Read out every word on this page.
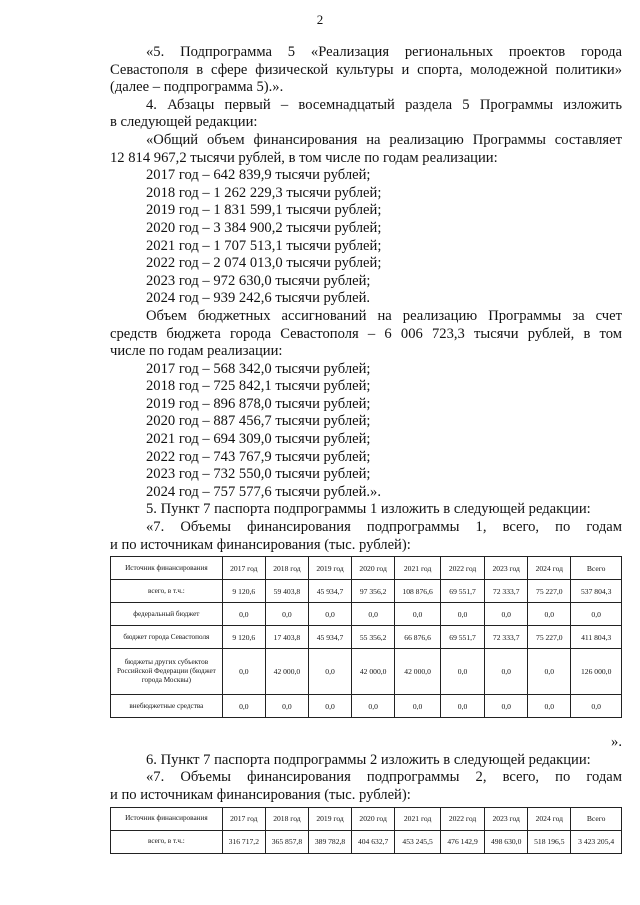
2

«5. Подпрограмма 5 «Реализация региональных проектов города

Севастополя в сфере физической культуры и спорта, молодежной политики»

(далее – подпрограмма 5).».

4. Абзацы первый – восемнадцатый раздела 5 Программы изложить

в следующей редакции:

«Общий объем финансирования на реализацию Программы составляет

12 814 967,2 тысячи рублей, в том числе по годам реализации:

2017 год – 642 839,9 тысячи рублей;

2018 год – 1 262 229,3 тысячи рублей;

2019 год – 1 831 599,1 тысячи рублей;

2020 год – 3 384 900,2 тысячи рублей;

2021 год – 1 707 513,1 тысячи рублей;

2022 год – 2 074 013,0 тысячи рублей;

2023 год – 972 630,0 тысячи рублей;

2024 год – 939 242,6 тысячи рублей.

Объем бюджетных ассигнований на реализацию Программы за счет

средств бюджета города Севастополя – 6 006 723,3 тысячи рублей, в том

числе по годам реализации:

2017 год – 568 342,0 тысячи рублей;

2018 год – 725 842,1 тысячи рублей;

2019 год – 896 878,0 тысячи рублей;

2020 год – 887 456,7 тысячи рублей;

2021 год – 694 309,0 тысячи рублей;

2022 год – 743 767,9 тысячи рублей;

2023 год – 732 550,0 тысячи рублей;

2024 год – 757 577,6 тысячи рублей.».

5. Пункт 7 паспорта подпрограммы 1 изложить в следующей редакции:

«7. Объемы финансирования подпрограммы 1, всего, по годам

и по источникам финансирования (тыс. рублей):

Источник финансирования	2017 год	2018 год	2019 год	2020 год	2021 год	2022 год	2023 год	2024 год	Всего
всего, в т.ч.:	9 120,6	59 403,8	45 934,7	97 356,2	108 876,6	69 551,7	72 333,7	75 227,0	537 804,3
федеральный бюджет	0,0	0,0	0,0	0,0	0,0	0,0	0,0	0,0	0,0
бюджет города Севастополя	9 120,6	17 403,8	45 934,7	55 356,2	66 876,6	69 551,7	72 333,7	75 227,0	411 804,3
бюджеты других субъектов Российской Федерации (бюджет города Москвы)	0,0	42 000,0	0,0	42 000,0	42 000,0	0,0	0,0	0,0	126 000,0
внебюджетные средства	0,0	0,0	0,0	0,0	0,0	0,0	0,0	0,0	0,0

».

6. Пункт 7 паспорта подпрограммы 2 изложить в следующей редакции:

«7. Объемы финансирования подпрограммы 2, всего, по годам

и по источникам финансирования (тыс. рублей):

Источник финансирования	2017 год	2018 год	2019 год	2020 год	2021 год	2022 год	2023 год	2024 год	Всего
всего, в т.ч.:	316 717,2	365 857,8	389 782,8	404 632,7	453 245,5	476 142,9	498 630,0	518 196,5	3 423 205,4
